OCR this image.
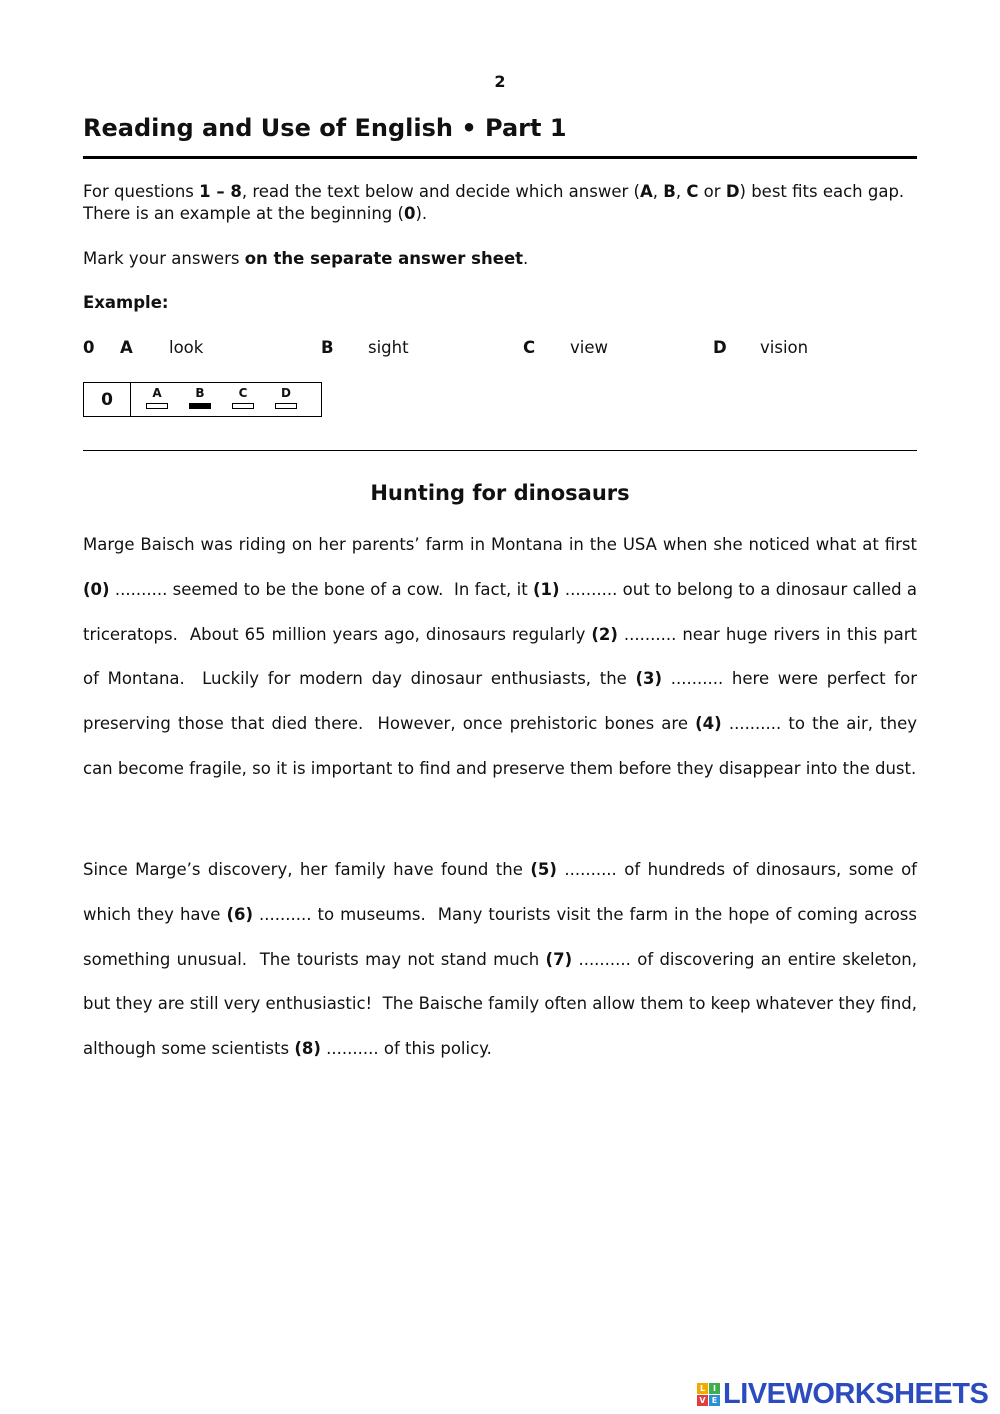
2
Reading and Use of English • Part 1
For questions 1 – 8, read the text below and decide which answer (A, B, C or D) best fits each gap.
There is an example at the beginning (0).
Mark your answers on the separate answer sheet.
Example:
0 A look	B sight	C view	D vision
0	A	B	C	D
Hunting for dinosaurs
Marge Baisch was riding on her parents’ farm in Montana in the USA when she noticed what at first (0) .......... seemed to be the bone of a cow.  In fact, it (1) .......... out to belong to a dinosaur called a triceratops.  About 65 million years ago, dinosaurs regularly (2) .......... near huge rivers in this part of Montana.  Luckily for modern day dinosaur enthusiasts, the (3) .......... here were perfect for preserving those that died there.  However, once prehistoric bones are (4) .......... to the air, they can become fragile, so it is important to find and preserve them before they disappear into the dust.
Since Marge’s discovery, her family have found the (5) .......... of hundreds of dinosaurs, some of which they have (6) .......... to museums.  Many tourists visit the farm in the hope of coming across something unusual.  The tourists may not stand much (7) .......... of discovering an entire skeleton, but they are still very enthusiastic!  The Baische family often allow them to keep whatever they find, although some scientists (8) .......... of this policy.
L I
V E LIVEWORKSHEETS
